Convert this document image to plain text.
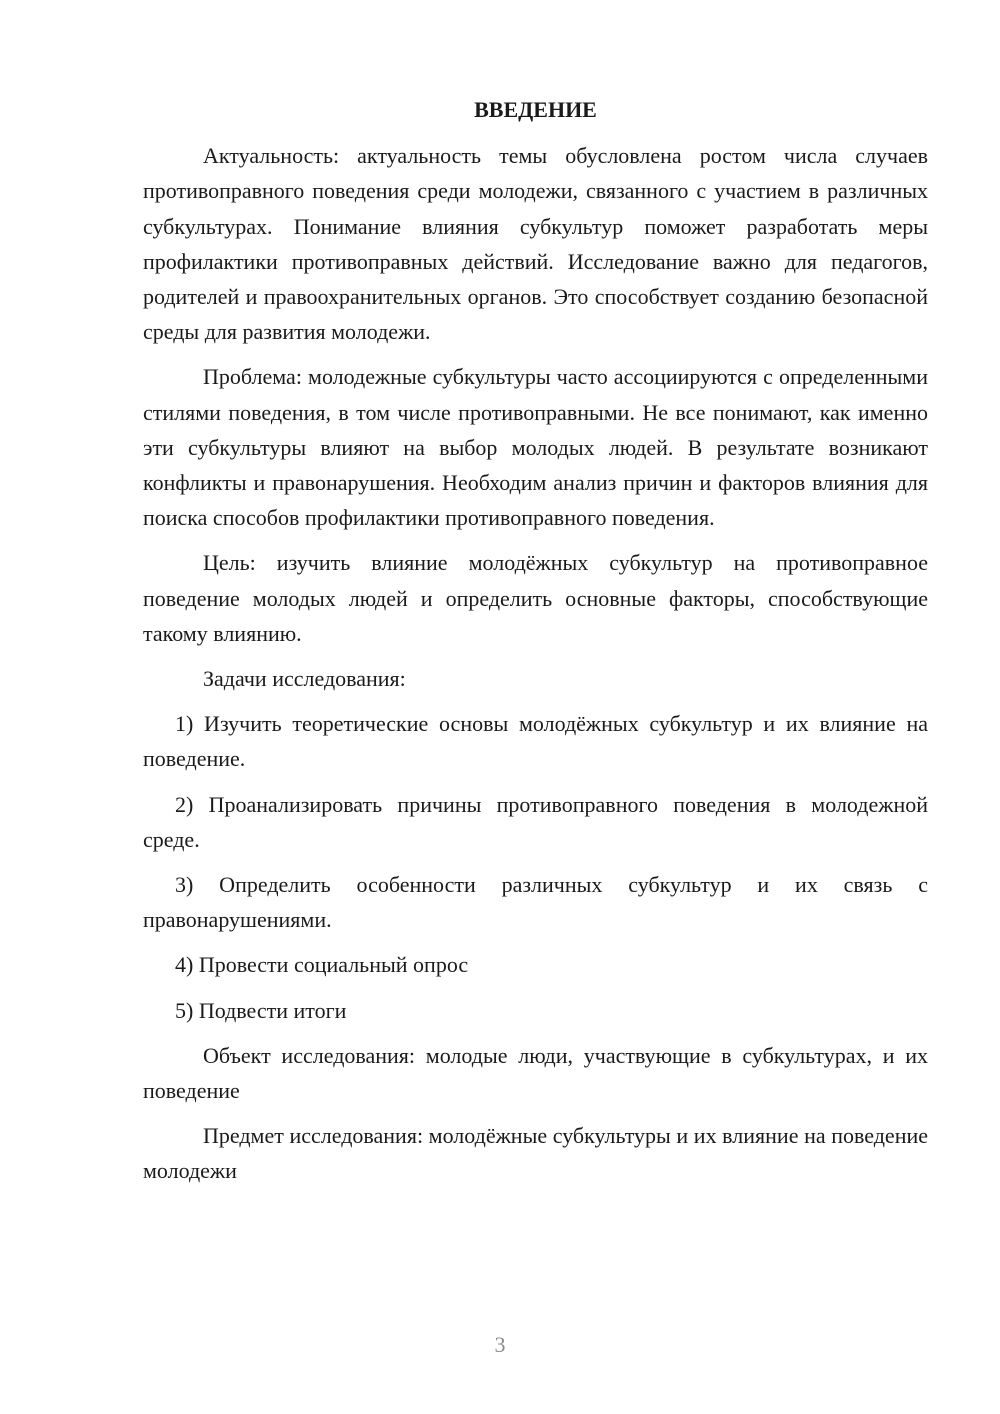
ВВЕДЕНИЕ

Актуальность: актуальность темы обусловлена ростом числа случаев противоправного поведения среди молодежи, связанного с участием в различных субкультурах. Понимание влияния субкультур поможет разработать меры профилактики противоправных действий. Исследование важно для педагогов, родителей и правоохранительных органов. Это способствует созданию безопасной среды для развития молодежи.

Проблема: молодежные субкультуры часто ассоциируются с определенными стилями поведения, в том числе противоправными. Не все понимают, как именно эти субкультуры влияют на выбор молодых людей. В результате возникают конфликты и правонарушения. Необходим анализ причин и факторов влияния для поиска способов профилактики противоправного поведения.

Цель: изучить влияние молодёжных субкультур на противоправное поведение молодых людей и определить основные факторы, способствующие такому влиянию.

Задачи исследования:

1) Изучить теоретические основы молодёжных субкультур и их влияние на поведение.

2) Проанализировать причины противоправного поведения в молодежной среде.

3) Определить особенности различных субкультур и их связь с правонарушениями.

4) Провести социальный опрос

5) Подвести итоги

Объект исследования: молодые люди, участвующие в субкультурах, и их поведение

Предмет исследования: молодёжные субкультуры и их влияние на поведение молодежи

3
